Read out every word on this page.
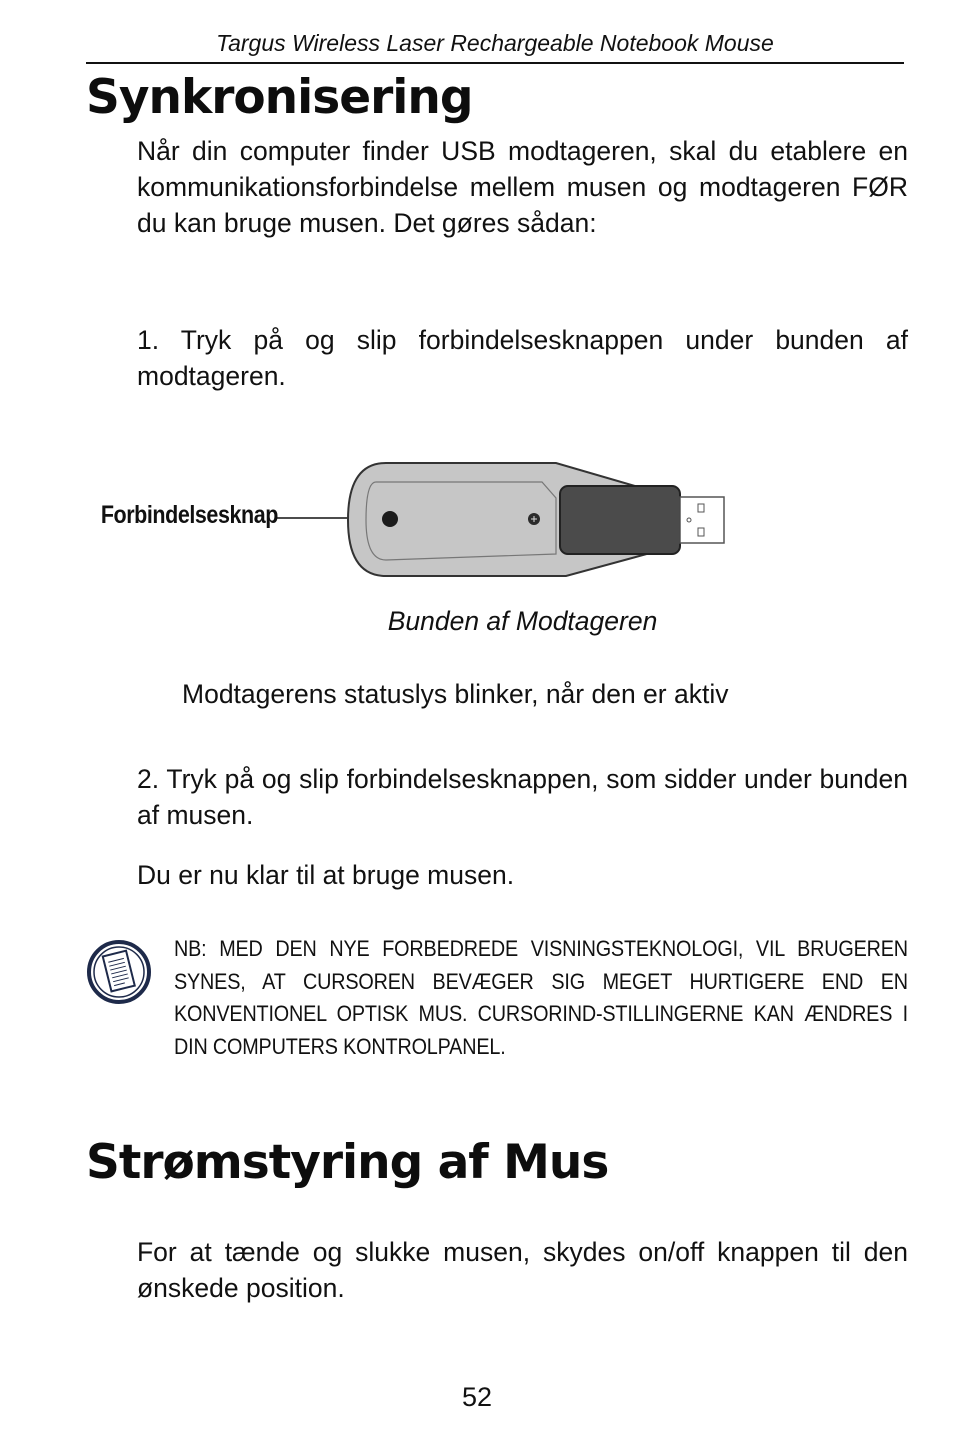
Targus Wireless Laser Rechargeable Notebook Mouse
Synkronisering
Når din computer finder USB modtageren, skal du etablere en kommunikationsforbindelse mellem musen og modtageren FØR du kan bruge musen. Det gøres sådan:
1. Tryk på og slip forbindelsesknappen under bunden af modtageren.
Forbindelsesknap
Bunden af Modtageren
Modtagerens statuslys blinker, når den er aktiv
2. Tryk på og slip forbindelsesknappen, som sidder under bunden af musen.
Du er nu klar til at bruge musen.
NB: MED DEN NYE FORBEDREDE VISNINGSTEKNOLOGI, VIL BRUGEREN SYNES, AT CURSOREN BEVÆGER SIG MEGET HURTIGERE END EN KONVENTIONEL OPTISK MUS. CURSORIND-STILLINGERNE KAN ÆNDRES I DIN COMPUTERS KONTROLPANEL.
Strømstyring af Mus
For at tænde og slukke musen, skydes on/off knappen til den ønskede position.
52
